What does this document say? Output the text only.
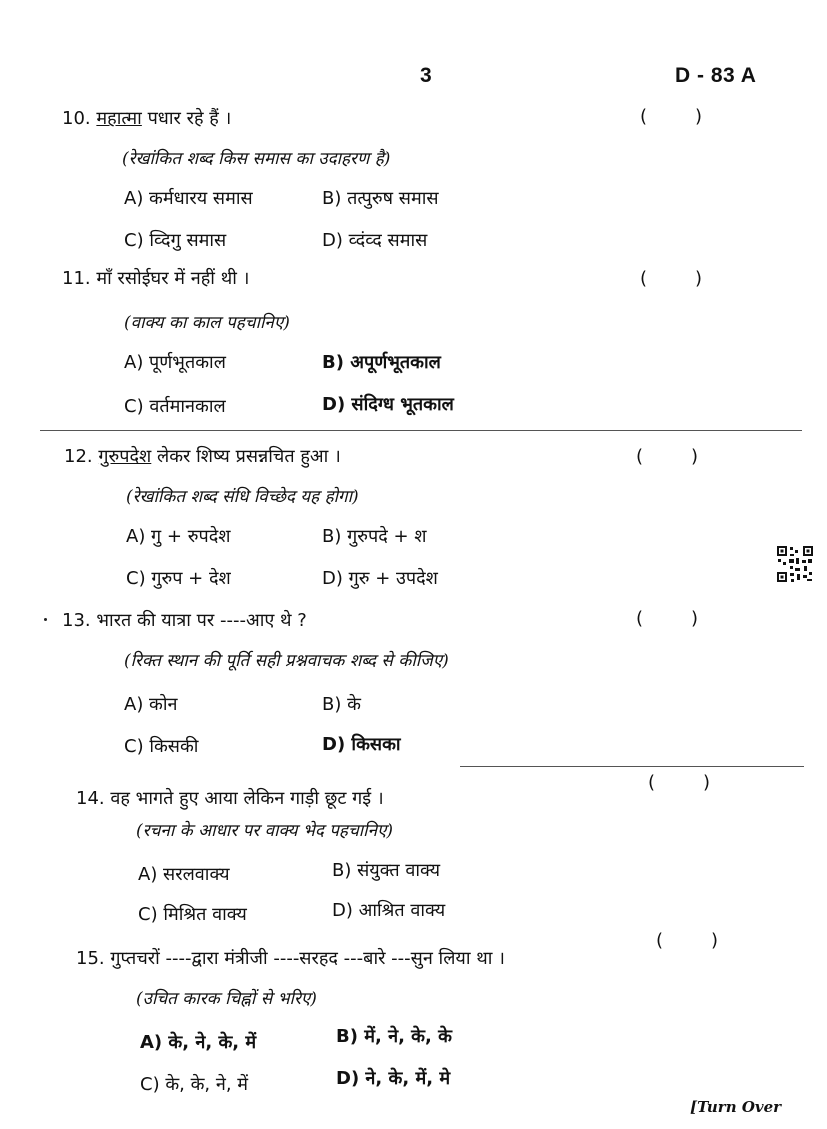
3	D - 83 A
10. महात्मा पधार रहे हैं ।	(	)
(रेखांकित शब्द किस समास का उदाहरण है)
A) कर्मधारय समास	B) तत्पुरुष समास
C) व्दिगु समास	D) व्दंव्द समास
11. माँ रसोईघर में नहीं थी ।	(	)
(वाक्य का काल पहचानिए)
A) पूर्णभूतकाल	B) अपूर्णभूतकाल
C) वर्तमानकाल	D) संदिग्ध भूतकाल
12. गुरुपदेश लेकर शिष्य प्रसन्नचित हुआ ।	(	)
(रेखांकित शब्द संधि विच्छेद यह होगा)
A) गु + रुपदेश	B) गुरुपदे + श
C) गुरुप + देश	D) गुरु + उपदेश
13. भारत की यात्रा पर ----आए थे ?	(	)
(रिक्त स्थान की पूर्ति सही प्रश्नवाचक शब्द से कीजिए)
A) कोन	B) के
C) किसकी	D) किसका
14. वह भागते हुए आया लेकिन गाड़ी छूट गई ।
(	)
(रचना के आधार पर वाक्य भेद पहचानिए)
A) सरलवाक्य	B) संयुक्त वाक्य
C) मिश्रित वाक्य	D) आश्रित वाक्य
15. गुप्तचरों ----द्वारा मंत्रीजी ----सरहद ---बारे ---सुन लिया था ।
(	)
(उचित कारक चिह्नों से भरिए)
A) के, ने, के, में	B) में, ने, के, के
C) के, के, ने, में	D) ने, के, में, मे
[Turn Over
